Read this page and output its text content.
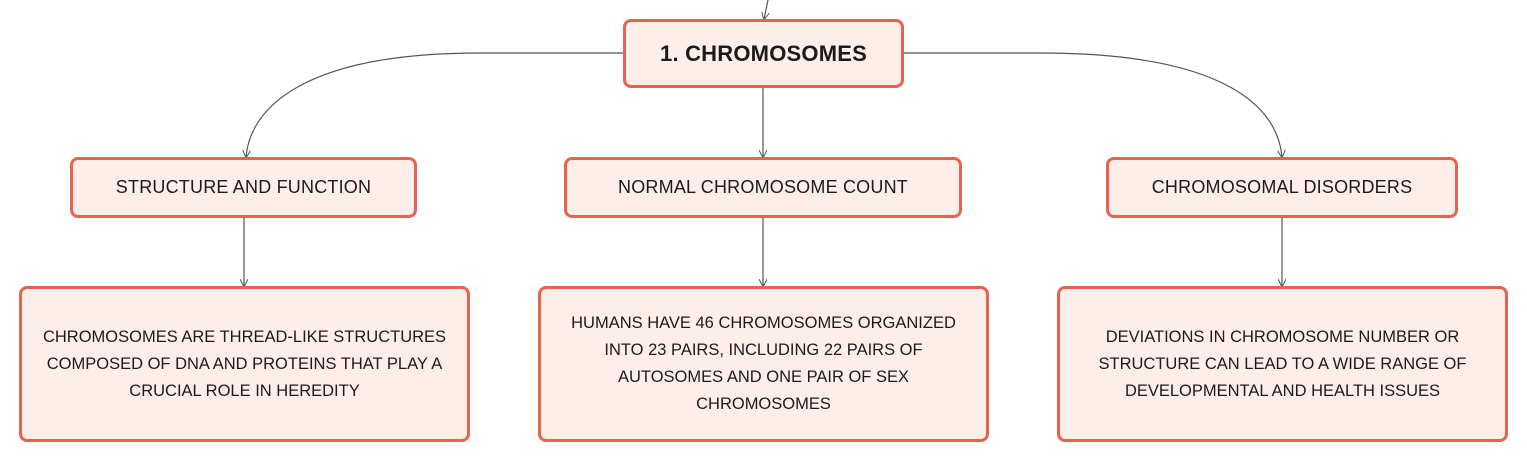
1. CHROMOSOMES
STRUCTURE AND FUNCTION	NORMAL CHROMOSOME COUNT	CHROMOSOMAL DISORDERS
CHROMOSOMES ARE THREAD-LIKE STRUCTURES COMPOSED OF DNA AND PROTEINS THAT PLAY A CRUCIAL ROLE IN HEREDITY
HUMANS HAVE 46 CHROMOSOMES ORGANIZED INTO 23 PAIRS, INCLUDING 22 PAIRS OF AUTOSOMES AND ONE PAIR OF SEX CHROMOSOMES
DEVIATIONS IN CHROMOSOME NUMBER OR STRUCTURE CAN LEAD TO A WIDE RANGE OF DEVELOPMENTAL AND HEALTH ISSUES
